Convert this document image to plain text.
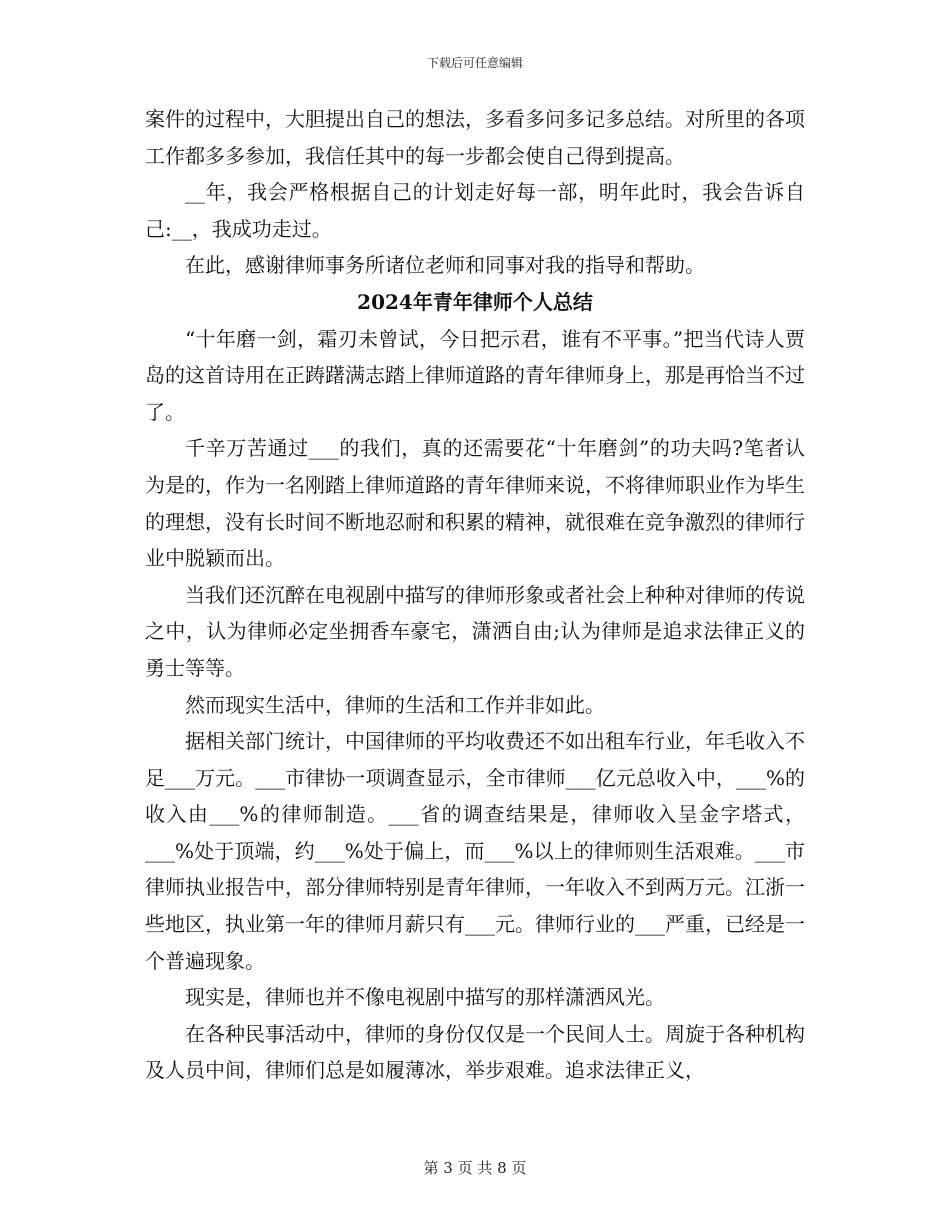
下载后可任意编辑

案件的过程中，大胆提出自己的想法，多看多问多记多总结。对所里的各项工作都多多参加，我信任其中的每一步都会使自己得到提高。

__年，我会严格根据自己的计划走好每一部，明年此时，我会告诉自己:__，我成功走过。

在此，感谢律师事务所诸位老师和同事对我的指导和帮助。

2024年青年律师个人总结

“十年磨一剑，霜刃未曾试，今日把示君，谁有不平事。”把当代诗人贾岛的这首诗用在正踌躇满志踏上律师道路的青年律师身上，那是再恰当不过了。

千辛万苦通过___的我们，真的还需要花“十年磨剑”的功夫吗?笔者认为是的，作为一名刚踏上律师道路的青年律师来说，不将律师职业作为毕生的理想，没有长时间不断地忍耐和积累的精神，就很难在竞争激烈的律师行业中脱颖而出。

当我们还沉醉在电视剧中描写的律师形象或者社会上种种对律师的传说之中，认为律师必定坐拥香车豪宅，潇洒自由;认为律师是追求法律正义的勇士等等。

然而现实生活中，律师的生活和工作并非如此。

据相关部门统计，中国律师的平均收费还不如出租车行业，年毛收入不足___万元。___市律协一项调查显示，全市律师___亿元总收入中，___%的收入由___%的律师制造。___省的调查结果是，律师收入呈金字塔式，___%处于顶端，约___%处于偏上，而___%以上的律师则生活艰难。___市律师执业报告中，部分律师特别是青年律师，一年收入不到两万元。江浙一些地区，执业第一年的律师月薪只有___元。律师行业的___严重，已经是一个普遍现象。

现实是，律师也并不像电视剧中描写的那样潇洒风光。

在各种民事活动中，律师的身份仅仅是一个民间人士。周旋于各种机构及人员中间，律师们总是如履薄冰，举步艰难。追求法律正义，

第 3 页 共 8 页
